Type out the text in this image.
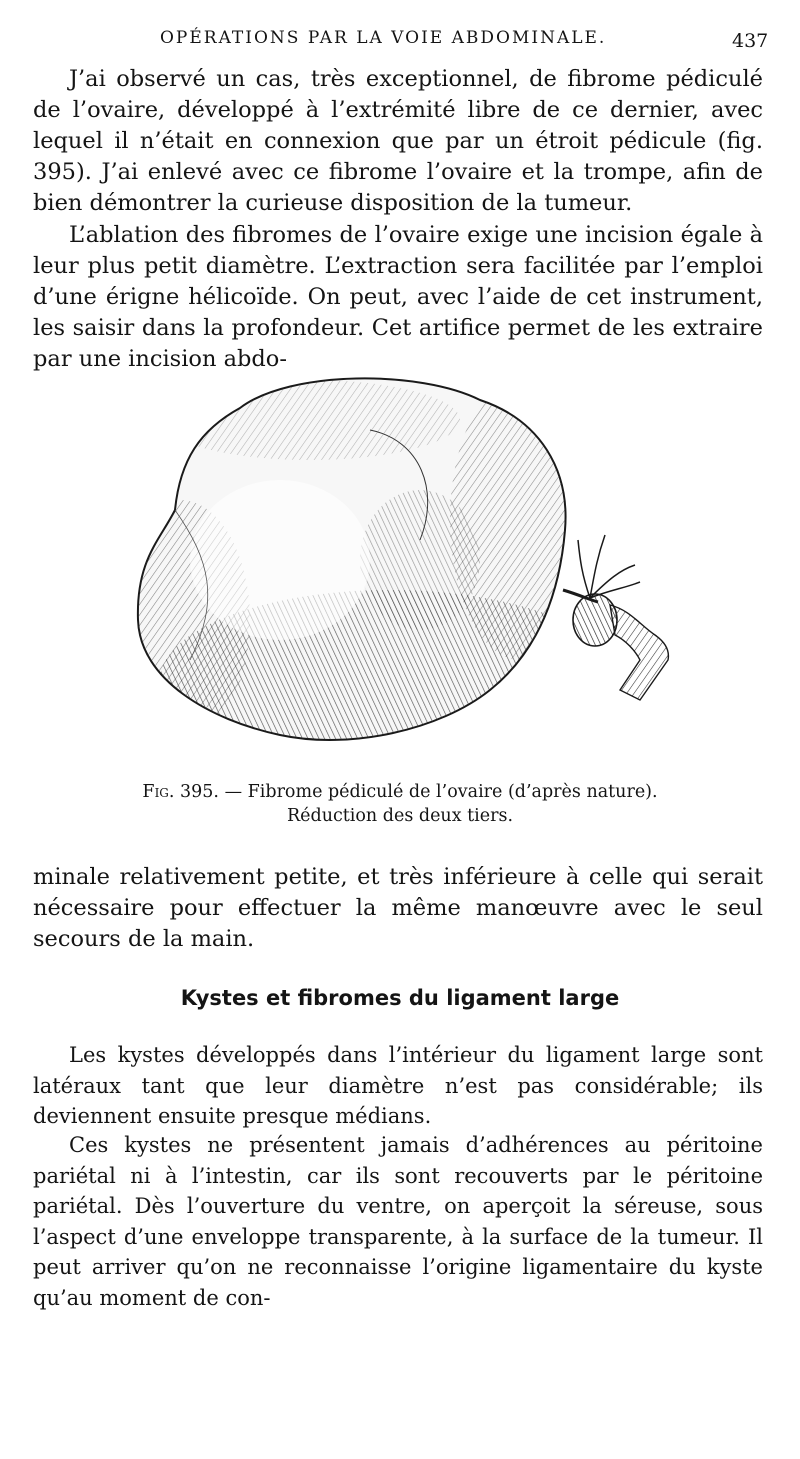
OPÉRATIONS PAR LA VOIE ABDOMINALE.	437

J’ai observé un cas, très exceptionnel, de fibrome pédiculé de l’ovaire, développé à l’extrémité libre de ce dernier, avec lequel il n’était en connexion que par un étroit pédicule (fig. 395). J’ai enlevé avec ce fibrome l’ovaire et la trompe, afin de bien démontrer la curieuse disposition de la tumeur.

L’ablation des fibromes de l’ovaire exige une incision égale à leur plus petit diamètre. L’extraction sera facilitée par l’emploi d’une érigne hélicoïde. On peut, avec l’aide de cet instrument, les saisir dans la profondeur. Cet artifice permet de les extraire par une incision abdo-

Fig. 395. — Fibrome pédiculé de l’ovaire (d’après nature).
Réduction des deux tiers.

minale relativement petite, et très inférieure à celle qui serait nécessaire pour effectuer la même manœuvre avec le seul secours de la main.

Kystes et fibromes du ligament large

Les kystes développés dans l’intérieur du ligament large sont latéraux tant que leur diamètre n’est pas considérable; ils deviennent ensuite presque médians.

Ces kystes ne présentent jamais d’adhérences au péritoine pariétal ni à l’intestin, car ils sont recouverts par le péritoine pariétal. Dès l’ouverture du ventre, on aperçoit la séreuse, sous l’aspect d’une enveloppe transparente, à la surface de la tumeur. Il peut arriver qu’on ne reconnaisse l’origine ligamentaire du kyste qu’au moment de con-
